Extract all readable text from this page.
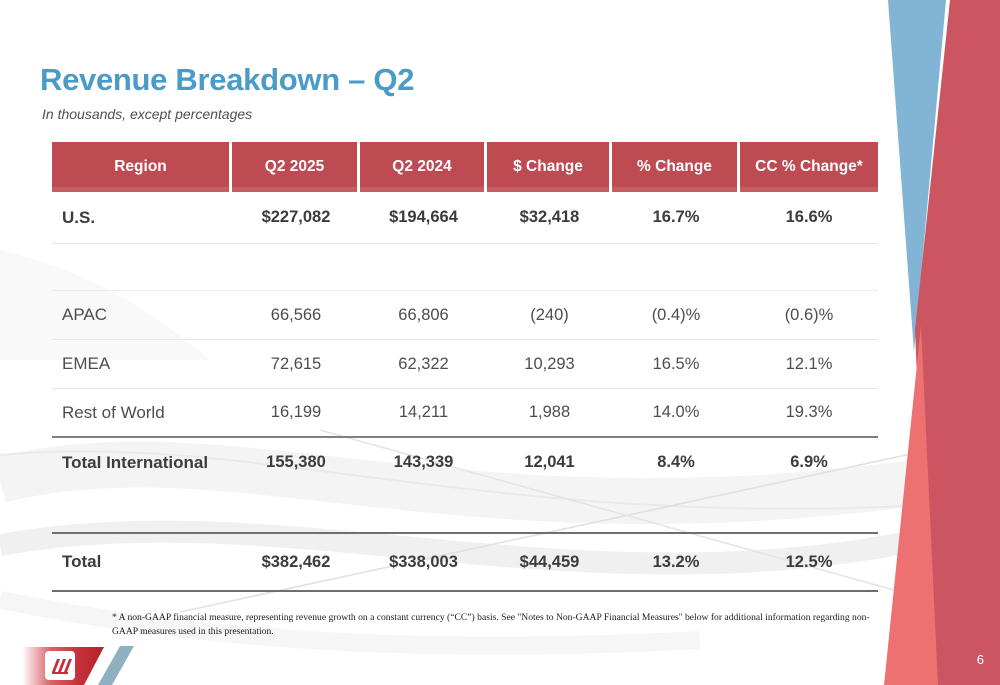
Revenue Breakdown – Q2
In thousands, except percentages
Region	Q2 2025	Q2 2024	$ Change	% Change	CC % Change*
U.S.	$227,082	$194,664	$32,418	16.7%	16.6%
APAC	66,566	66,806	(240)	(0.4)%	(0.6)%
EMEA	72,615	62,322	10,293	16.5%	12.1%
Rest of World	16,199	14,211	1,988	14.0%	19.3%
Total International	155,380	143,339	12,041	8.4%	6.9%
Total	$382,462	$338,003	$44,459	13.2%	12.5%
* A non-GAAP financial measure, representing revenue growth on a constant currency (“CC”) basis. See "Notes to Non-GAAP Financial Measures" below for additional information regarding non-GAAP measures used in this presentation.
6
